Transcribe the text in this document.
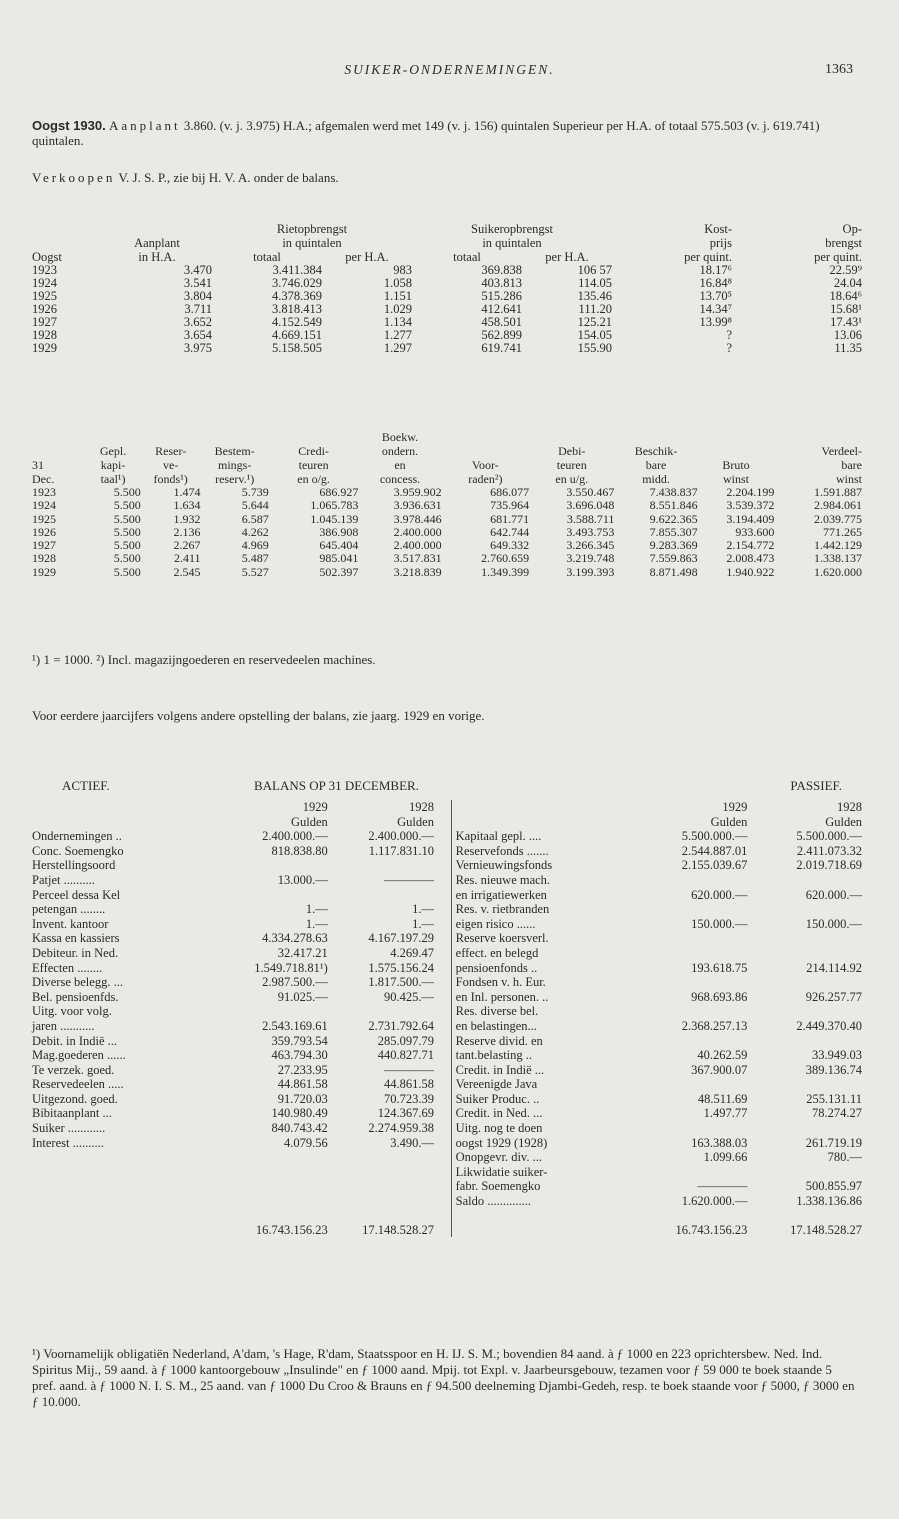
SUIKER-ONDERNEMINGEN.	1363

Oogst 1930. Aanplant 3.860. (v. j. 3.975) H.A.; afgemalen werd met 149 (v. j. 156) quintalen Superieur per H.A. of totaal 575.503 (v. j. 619.741) quintalen.

Verkoopen V. J. S. P., zie bij H. V. A. onder de balans.

		Rietopbrengst		Suikeropbrengst		Kost-	Op-
	Aanplant	in quintalen		in quintalen		prijs	brengst
Oogst	in H.A.	totaal	per H.A.	totaal	per H.A.	per quint.	per quint.
1923	3.470	3.411.384	983	369.838	106 57	18.17⁶	22.59⁹
1924	3.541	3.746.029	1.058	403.813	114.05	16.84⁸	24.04
1925	3.804	4.378.369	1.151	515.286	135.46	13.70⁵	18.64⁶
1926	3.711	3.818.413	1.029	412.641	111.20	14.34⁷	15.68¹
1927	3.652	4.152.549	1.134	458.501	125.21	13.99⁸	17.43¹
1928	3.654	4.669.151	1.277	562.899	154.05	?	13.06
1929	3.975	5.158.505	1.297	619.741	155.90	?	11.35
					Boekw.					
	Gepl.	Reser-	Bestem-	Credi-	ondern.		Debi-	Beschik-		Verdeel-
31	kapi-	ve-	mings-	teuren	en	Voor-	teuren	bare	Bruto	bare
Dec.	taal¹)	fonds¹)	reserv.¹)	en o/g.	concess.	raden²)	en u/g.	midd.	winst	winst
1923	5.500	1.474	5.739	686.927	3.959.902	686.077	3.550.467	7.438.837	2.204.199	1.591.887
1924	5.500	1.634	5.644	1.065.783	3.936.631	735.964	3.696.048	8.551.846	3.539.372	2.984.061
1925	5.500	1.932	6.587	1.045.139	3.978.446	681.771	3.588.711	9.622.365	3.194.409	2.039.775
1926	5.500	2.136	4.262	386.908	2.400.000	642.744	3.493.753	7.855.307	933.600	771.265
1927	5.500	2.267	4.969	645.404	2.400.000	649.332	3.266.345	9.283.369	2.154.772	1.442.129
1928	5.500	2.411	5.487	985.041	3.517.831	2.760.659	3.219.748	7.559.863	2.008.473	1.338.137
1929	5.500	2.545	5.527	502.397	3.218.839	1.349.399	3.199.393	8.871.498	1.940.922	1.620.000

¹) 1 = 1000. ²) Incl. magazijngoederen en reservedeelen machines.

Voor eerdere jaarcijfers volgens andere opstelling der balans, zie jaarg. 1929 en vorige.

ACTIEF.	BALANS OP 31 DECEMBER.	PASSIEF.
	1929	1928			1929	1928
	Gulden	Gulden			Gulden	Gulden
Ondernemingen ..	2.400.000.—	2.400.000.—		Kapitaal gepl. ....	5.500.000.—	5.500.000.—
Conc. Soemengko	818.838.80	1.117.831.10		Reservefonds .......	2.544.887.01	2.411.073.32
Herstellingsoord				Vernieuwingsfonds	2.155.039.67	2.019.718.69
Patjet ..........	13.000.—	————		Res. nieuwe mach.		
Perceel dessa Kel				en irrigatiewerken	620.000.—	620.000.—
petengan ........	1.—	1.—		Res. v. rietbranden		
Invent. kantoor	1.—	1.—		eigen risico ......	150.000.—	150.000.—
Kassa en kassiers	4.334.278.63	4.167.197.29		Reserve koersverl.		
Debiteur. in Ned.	32.417.21	4.269.47		effect. en belegd		
Effecten ........	1.549.718.81¹)	1.575.156.24		pensioenfonds ..	193.618.75	214.114.92
Diverse belegg. ...	2.987.500.—	1.817.500.—		Fondsen v. h. Eur.		
Bel. pensioenfds.	91.025.—	90.425.—		en Inl. personen. ..	968.693.86	926.257.77
Uitg. voor volg.				Res. diverse bel.		
jaren ...........	2.543.169.61	2.731.792.64		en belastingen...	2.368.257.13	2.449.370.40
Debit. in Indië ...	359.793.54	285.097.79		Reserve divid. en		
Mag.goederen ......	463.794.30	440.827.71		tant.belasting ..	40.262.59	33.949.03
Te verzek. goed.	27.233.95	————		Credit. in Indië ...	367.900.07	389.136.74
Reservedeelen .....	44.861.58	44.861.58		Vereenigde Java		
Uitgezond. goed.	91.720.03	70.723.39		Suiker Produc. ..	48.511.69	255.131.11
Bibitaanplant ...	140.980.49	124.367.69		Credit. in Ned. ...	1.497.77	78.274.27
Suiker ............	840.743.42	2.274.959.38		Uitg. nog te doen		
Interest ..........	4.079.56	3.490.—		oogst 1929 (1928)	163.388.03	261.719.19
				Onopgevr. div. ...	1.099.66	780.—
				Likwidatie suiker-		
				fabr. Soemengko	————	500.855.97
				Saldo ..............	1.620.000.—	1.338.136.86
	16.743.156.23	17.148.528.27			16.743.156.23	17.148.528.27
¹) Voornamelijk obligatiën Nederland, A'dam, 's Hage, R'dam, Staatsspoor en H. IJ. S. M.; bovendien 84 aand. à ƒ 1000 en 223 oprichtersbew. Ned. Ind. Spiritus Mij., 59 aand. à ƒ 1000 kantoorgebouw „Insulinde" en ƒ 1000 aand. Mpij. tot Expl. v. Jaarbeursgebouw, tezamen voor ƒ 59 000 te boek staande 5 pref. aand. à ƒ 1000 N. I. S. M., 25 aand. van ƒ 1000 Du Croo & Brauns en ƒ 94.500 deelneming Djambi-Gedeh, resp. te boek staande voor ƒ 5000, ƒ 3000 en ƒ 10.000.
